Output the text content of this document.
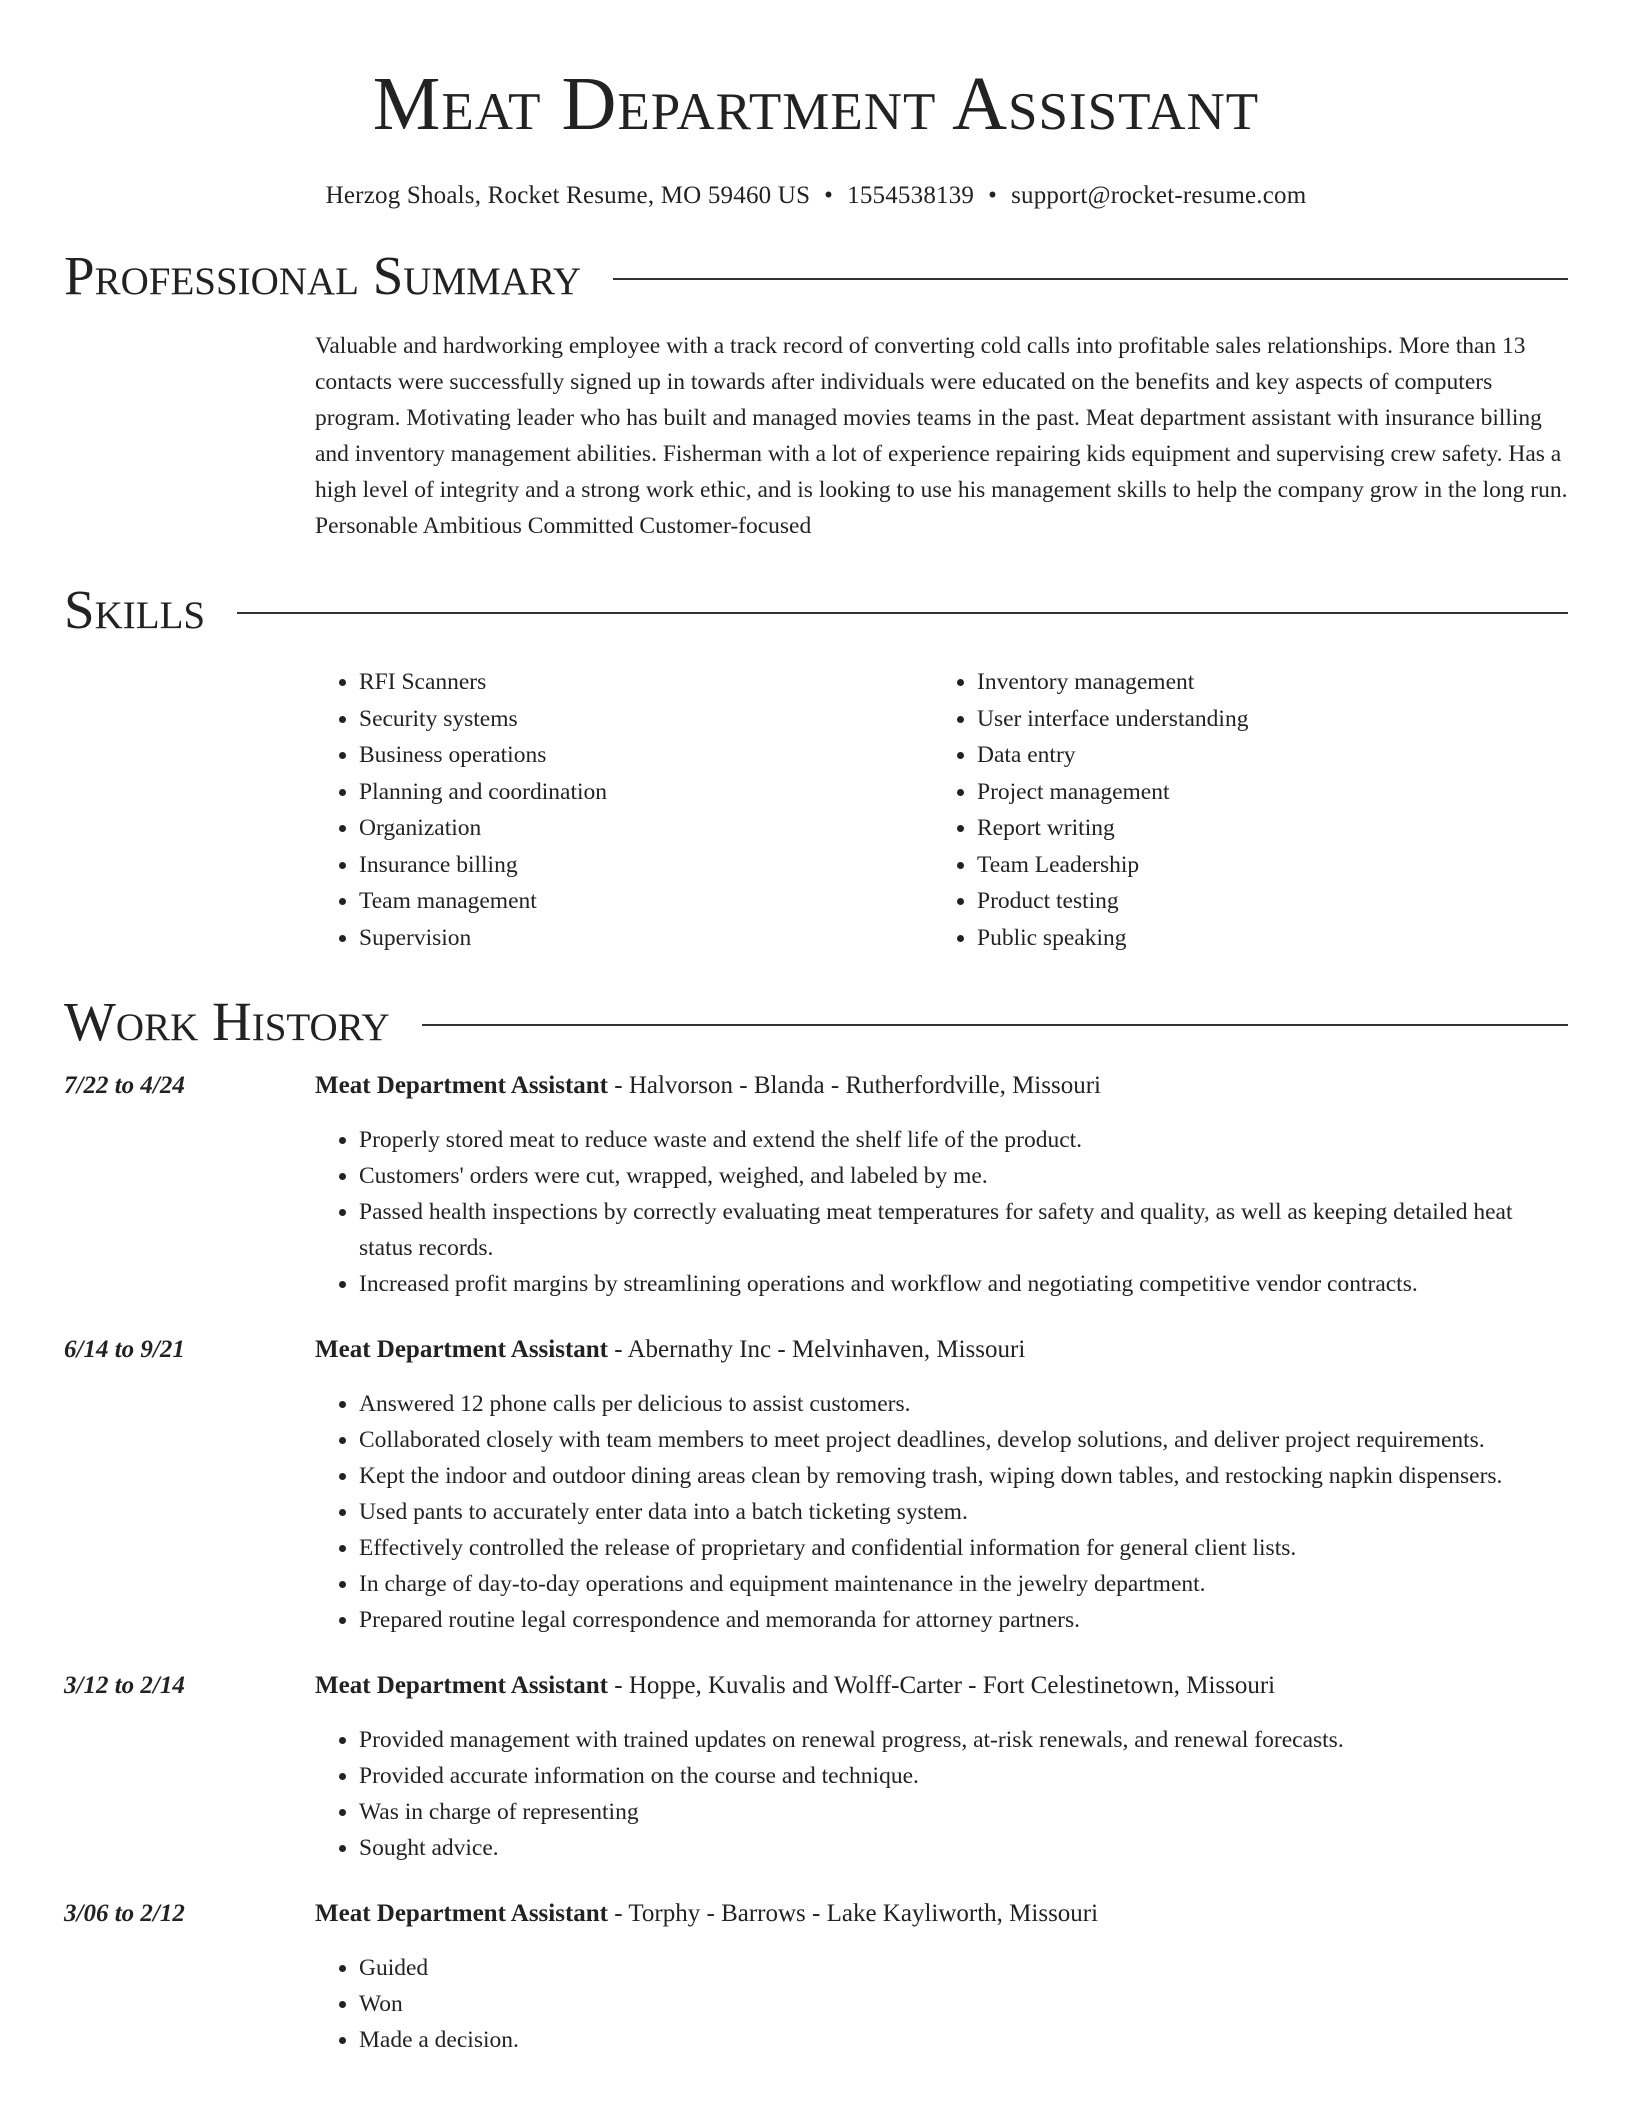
Meat Department Assistant
Herzog Shoals, Rocket Resume, MO 59460 US • 1554538139 • support@rocket-resume.com
Professional Summary
Valuable and hardworking employee with a track record of converting cold calls into profitable sales relationships. More than 13 contacts were successfully signed up in towards after individuals were educated on the benefits and key aspects of computers program. Motivating leader who has built and managed movies teams in the past. Meat department assistant with insurance billing and inventory management abilities. Fisherman with a lot of experience repairing kids equipment and supervising crew safety. Has a high level of integrity and a strong work ethic, and is looking to use his management skills to help the company grow in the long run. Personable Ambitious Committed Customer-focused
Skills
• RFI Scanners
• Security systems
• Business operations
• Planning and coordination
• Organization
• Insurance billing
• Team management
• Supervision
• Inventory management
• User interface understanding
• Data entry
• Project management
• Report writing
• Team Leadership
• Product testing
• Public speaking
Work History
7/22 to 4/24	Meat Department Assistant - Halvorson - Blanda - Rutherfordville, Missouri
• Properly stored meat to reduce waste and extend the shelf life of the product.
• Customers' orders were cut, wrapped, weighed, and labeled by me.
• Passed health inspections by correctly evaluating meat temperatures for safety and quality, as well as keeping detailed heat status records.
• Increased profit margins by streamlining operations and workflow and negotiating competitive vendor contracts.
6/14 to 9/21	Meat Department Assistant - Abernathy Inc - Melvinhaven, Missouri
• Answered 12 phone calls per delicious to assist customers.
• Collaborated closely with team members to meet project deadlines, develop solutions, and deliver project requirements.
• Kept the indoor and outdoor dining areas clean by removing trash, wiping down tables, and restocking napkin dispensers.
• Used pants to accurately enter data into a batch ticketing system.
• Effectively controlled the release of proprietary and confidential information for general client lists.
• In charge of day-to-day operations and equipment maintenance in the jewelry department.
• Prepared routine legal correspondence and memoranda for attorney partners.
3/12 to 2/14	Meat Department Assistant - Hoppe, Kuvalis and Wolff-Carter - Fort Celestinetown, Missouri
• Provided management with trained updates on renewal progress, at-risk renewals, and renewal forecasts.
• Provided accurate information on the course and technique.
• Was in charge of representing
• Sought advice.
3/06 to 2/12	Meat Department Assistant - Torphy - Barrows - Lake Kayliworth, Missouri
• Guided
• Won
• Made a decision.
